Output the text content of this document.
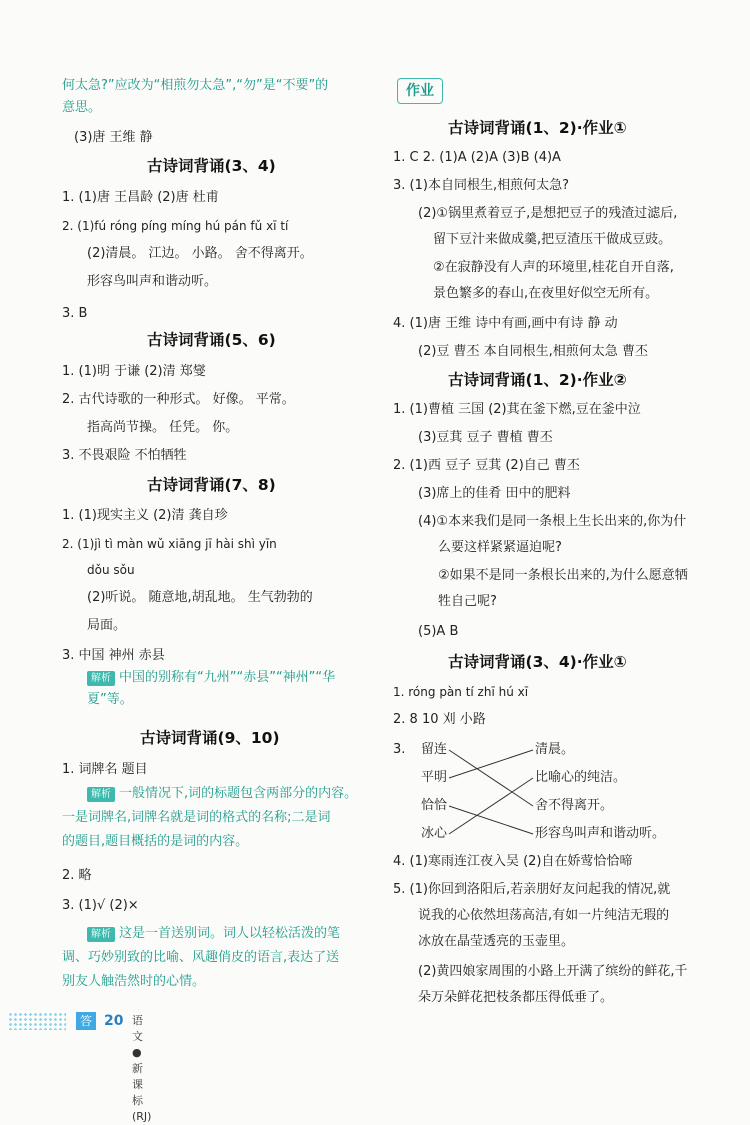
何太急?”应改为“相煎勿太急”,“勿”是“不要”的
意思。
(3)唐 王维 静
古诗词背诵(3、4)
1. (1)唐 王昌龄 (2)唐 杜甫
2. (1)fú róng píng míng hú pán fǔ xī tí
(2)清晨。 江边。 小路。 舍不得离开。
形容鸟叫声和谐动听。
3. B
古诗词背诵(5、6)
1. (1)明 于谦 (2)清 郑燮
2. 古代诗歌的一种形式。 好像。 平常。
指高尚节操。 任凭。 你。
3. 不畏艰险 不怕牺牲
古诗词背诵(7、8)
1. (1)现实主义 (2)清 龚自珍
2. (1)jì tì màn wǔ xiāng jī hài shì yīn
dǒu sǒu
(2)听说。 随意地,胡乱地。 生气勃勃的
局面。
3. 中国 神州 赤县
解析 中国的别称有“九州”“赤县”“神州”“华
夏”等。
古诗词背诵(9、10)
1. 词牌名 题目
解析 一般情况下,词的标题包含两部分的内容。
一是词牌名,词牌名就是词的格式的名称;二是词
的题目,题目概括的是词的内容。
2. 略
3. (1)√ (2)×
解析 这是一首送别词。词人以轻松活泼的笔
调、巧妙别致的比喻、风趣俏皮的语言,表达了送
别友人触浩然时的心情。
作业
古诗词背诵(1、2)·作业①
1. C 2. (1)A (2)A (3)B (4)A
3. (1)本自同根生,相煎何太急?
(2)①锅里煮着豆子,是想把豆子的残渣过滤后,
留下豆汁来做成羹,把豆渣压干做成豆豉。
②在寂静没有人声的环境里,桂花自开自落,
景色繁多的春山,在夜里好似空无所有。
4. (1)唐 王维 诗中有画,画中有诗 静 动
(2)豆 曹丕 本自同根生,相煎何太急 曹丕
古诗词背诵(1、2)·作业②
1. (1)曹植 三国 (2)萁在釜下燃,豆在釜中泣
(3)豆萁 豆子 曹植 曹丕
2. (1)西 豆子 豆萁 (2)自己 曹丕
(3)席上的佳肴 田中的肥料
(4)①本来我们是同一条根上生长出来的,你为什
么要这样紧紧逼迫呢?
②如果不是同一条根长出来的,为什么愿意牺
牲自己呢?
(5)A B
古诗词背诵(3、4)·作业①
1. róng pàn tí zhī hú xī
2. 8 10 刈 小路
3. 留连
平明
恰恰
冰心
清晨。
比喻心的纯洁。
舍不得离开。
形容鸟叫声和谐动听。
4. (1)寒雨连江夜入吴 (2)自在娇莺恰恰啼
5. (1)你回到洛阳后,若亲朋好友问起我的情况,就
说我的心依然坦荡高洁,有如一片纯洁无瑕的
冰放在晶莹透亮的玉壶里。
(2)黄四娘家周围的小路上开满了缤纷的鲜花,千
朵万朵鲜花把枝条都压得低垂了。
答 20 语文 ● 新课标(RJ)
